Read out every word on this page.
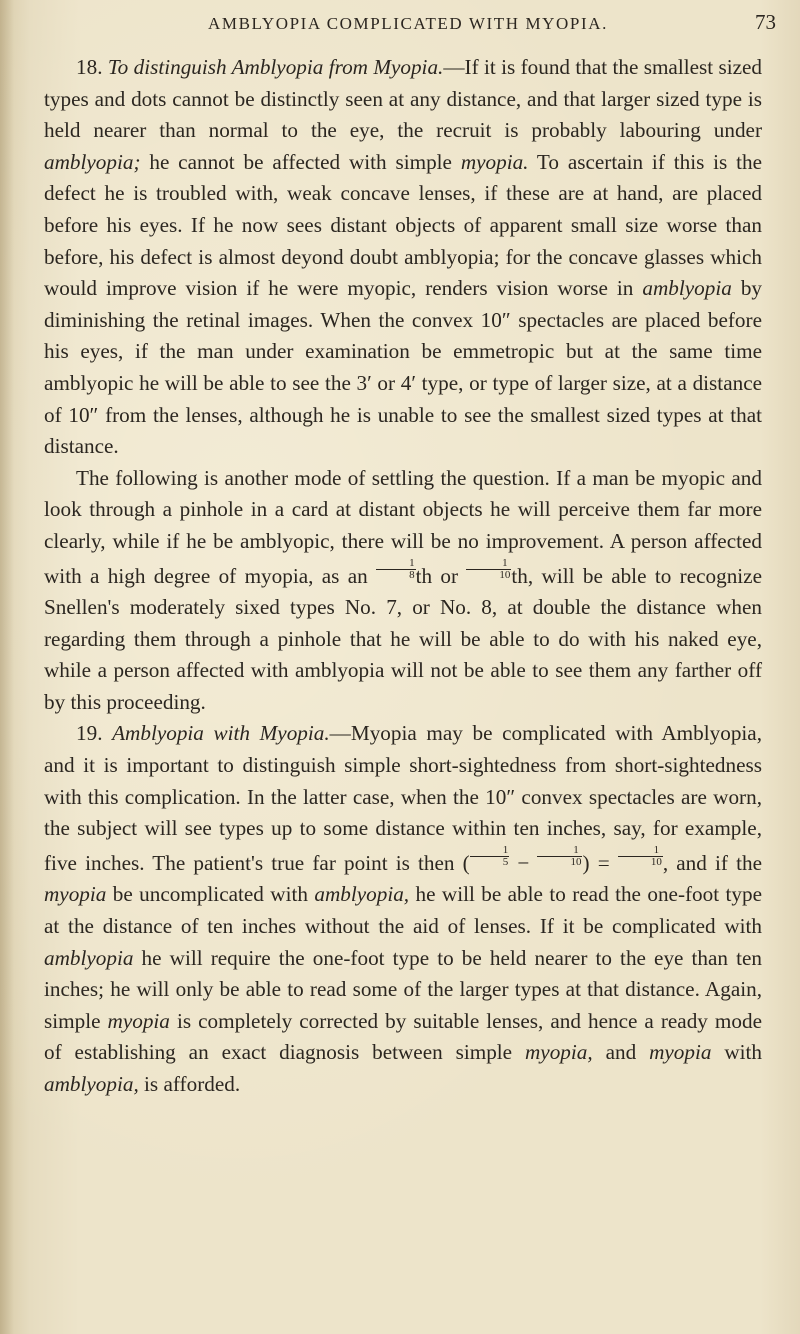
AMBLYOPIA COMPLICATED WITH MYOPIA.	73

18. To distinguish Amblyopia from Myopia.—If it is found that the smallest sized types and dots cannot be distinctly seen at any distance, and that larger sized type is held nearer than normal to the eye, the recruit is probably labouring under amblyopia; he cannot be affected with simple myopia. To ascertain if this is the defect he is troubled with, weak concave lenses, if these are at hand, are placed before his eyes. If he now sees distant objects of apparent small size worse than before, his defect is almost deyond doubt amblyopia; for the concave glasses which would improve vision if he were myopic, renders vision worse in amblyopia by diminishing the retinal images. When the convex 10″ spectacles are placed before his eyes, if the man under examination be emmetropic but at the same time amblyopic he will be able to see the 3′ or 4′ type, or type of larger size, at a distance of 10″ from the lenses, although he is unable to see the smallest sized types at that distance.

The following is another mode of settling the question. If a man be myopic and look through a pinhole in a card at distant objects he will perceive them far more clearly, while if he be amblyopic, there will be no improvement. A person affected with a high degree of myopia, as an $\frac{1}{8}$ th or $\frac{1}{10}$ th, will be able to recognize Snellen's moderately sixed types No. 7, or No. 8, at double the distance when regarding them through a pinhole that he will be able to do with his naked eye, while a person affected with amblyopia will not be able to see them any farther off by this proceeding.

19. Amblyopia with Myopia.—Myopia may be complicated with Amblyopia, and it is important to distinguish simple short-sightedness from short-sightedness with this complication. In the latter case, when the 10″ convex spectacles are worn, the subject will see types up to some distance within ten inches, say, for example, five inches. The patient's true far point is then ( $\frac{1}{5} - \frac{1}{10}$ ) = $\frac{1}{10}$ , and if the myopia be uncomplicated with amblyopia, he will be able to read the one-foot type at the distance of ten inches without the aid of lenses. If it be complicated with amblyopia he will require the one-foot type to be held nearer to the eye than ten inches; he will only be able to read some of the larger types at that distance. Again, simple myopia is completely corrected by suitable lenses, and hence a ready mode of establishing an exact diagnosis between simple myopia, and myopia with amblyopia, is afforded.
